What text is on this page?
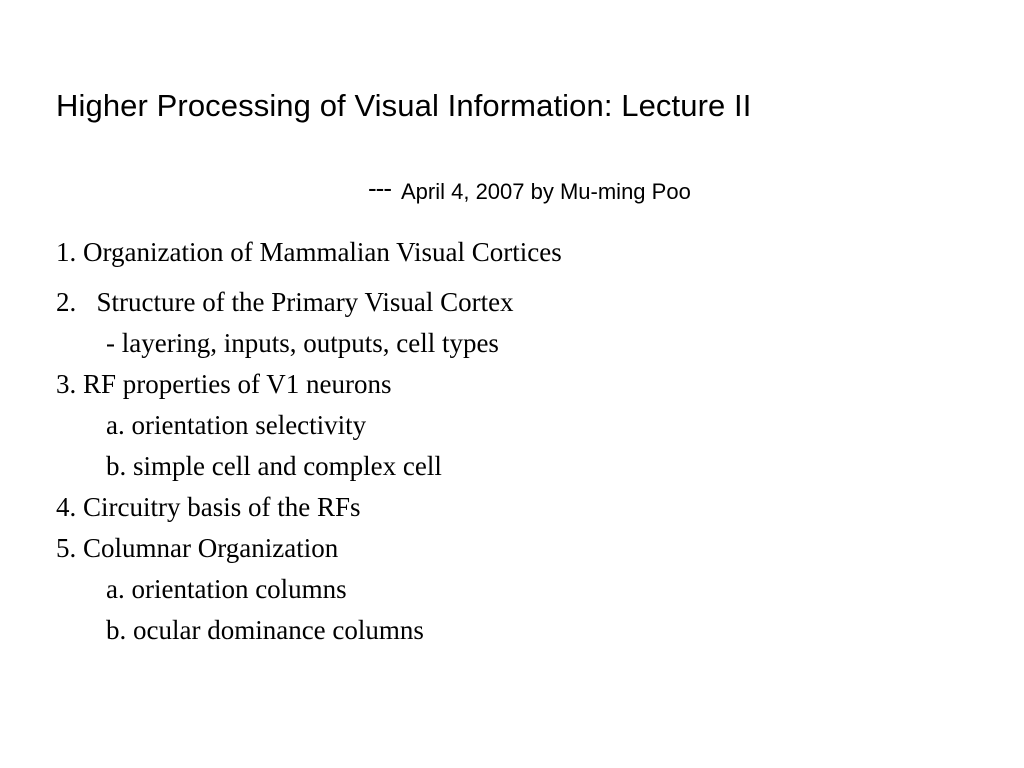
Higher Processing of Visual Information: Lecture II
--- April 4, 2007 by Mu-ming Poo
1. Organization of Mammalian Visual Cortices
2.   Structure of the Primary Visual Cortex
- layering, inputs, outputs, cell types
3. RF properties of V1 neurons
a. orientation selectivity
b. simple cell and complex cell
4. Circuitry basis of the RFs
5. Columnar Organization
a. orientation columns
b. ocular dominance columns
